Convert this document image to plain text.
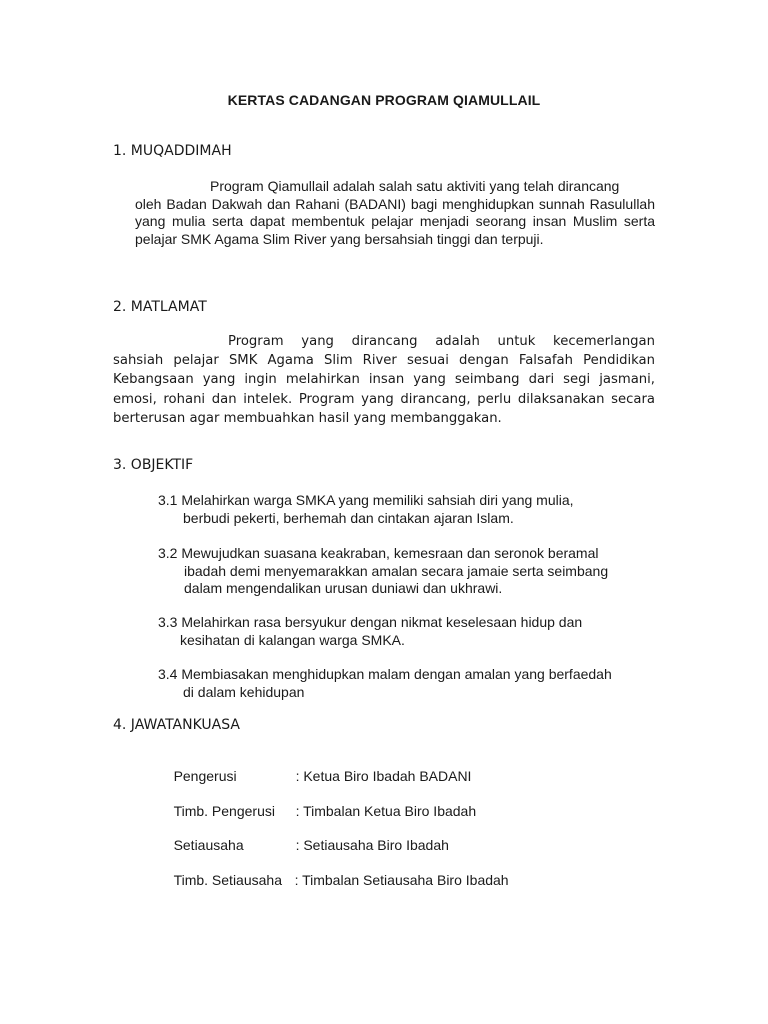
KERTAS CADANGAN PROGRAM QIAMULLAIL
1. MUQADDIMAH
Program Qiamullail adalah salah satu aktiviti yang telah dirancang
oleh Badan Dakwah dan Rahani (BADANI) bagi menghidupkan sunnah Rasulullah yang mulia serta dapat membentuk pelajar menjadi seorang insan Muslim serta pelajar SMK Agama Slim River yang bersahsiah tinggi dan terpuji.
2. MATLAMAT
Program yang dirancang adalah untuk kecemerlangan
sahsiah pelajar SMK Agama Slim River sesuai dengan Falsafah Pendidikan Kebangsaan yang ingin melahirkan insan yang seimbang dari segi jasmani, emosi, rohani dan intelek. Program yang dirancang, perlu dilaksanakan secara berterusan agar membuahkan hasil yang membanggakan.
3. OBJEKTIF
3.1 Melahirkan warga SMKA yang memiliki sahsiah diri yang mulia,
berbudi pekerti, berhemah dan cintakan ajaran Islam.
3.2 Mewujudkan suasana keakraban, kemesraan dan seronok beramal
ibadah demi menyemarakkan amalan secara jamaie serta seimbang
dalam mengendalikan urusan duniawi dan ukhrawi.
3.3 Melahirkan rasa bersyukur dengan nikmat keselesaan hidup dan
kesihatan di kalangan warga SMKA.
3.4 Membiasakan menghidupkan malam dengan amalan yang berfaedah
di dalam kehidupan
4. JAWATANKUASA

Pengerusi	: Ketua Biro Ibadah BADANI

Timb. Pengerusi : Timbalan Ketua Biro Ibadah

Setiausaha	: Setiausaha Biro Ibadah

Timb. Setiausaha : Timbalan Setiausaha Biro Ibadah
